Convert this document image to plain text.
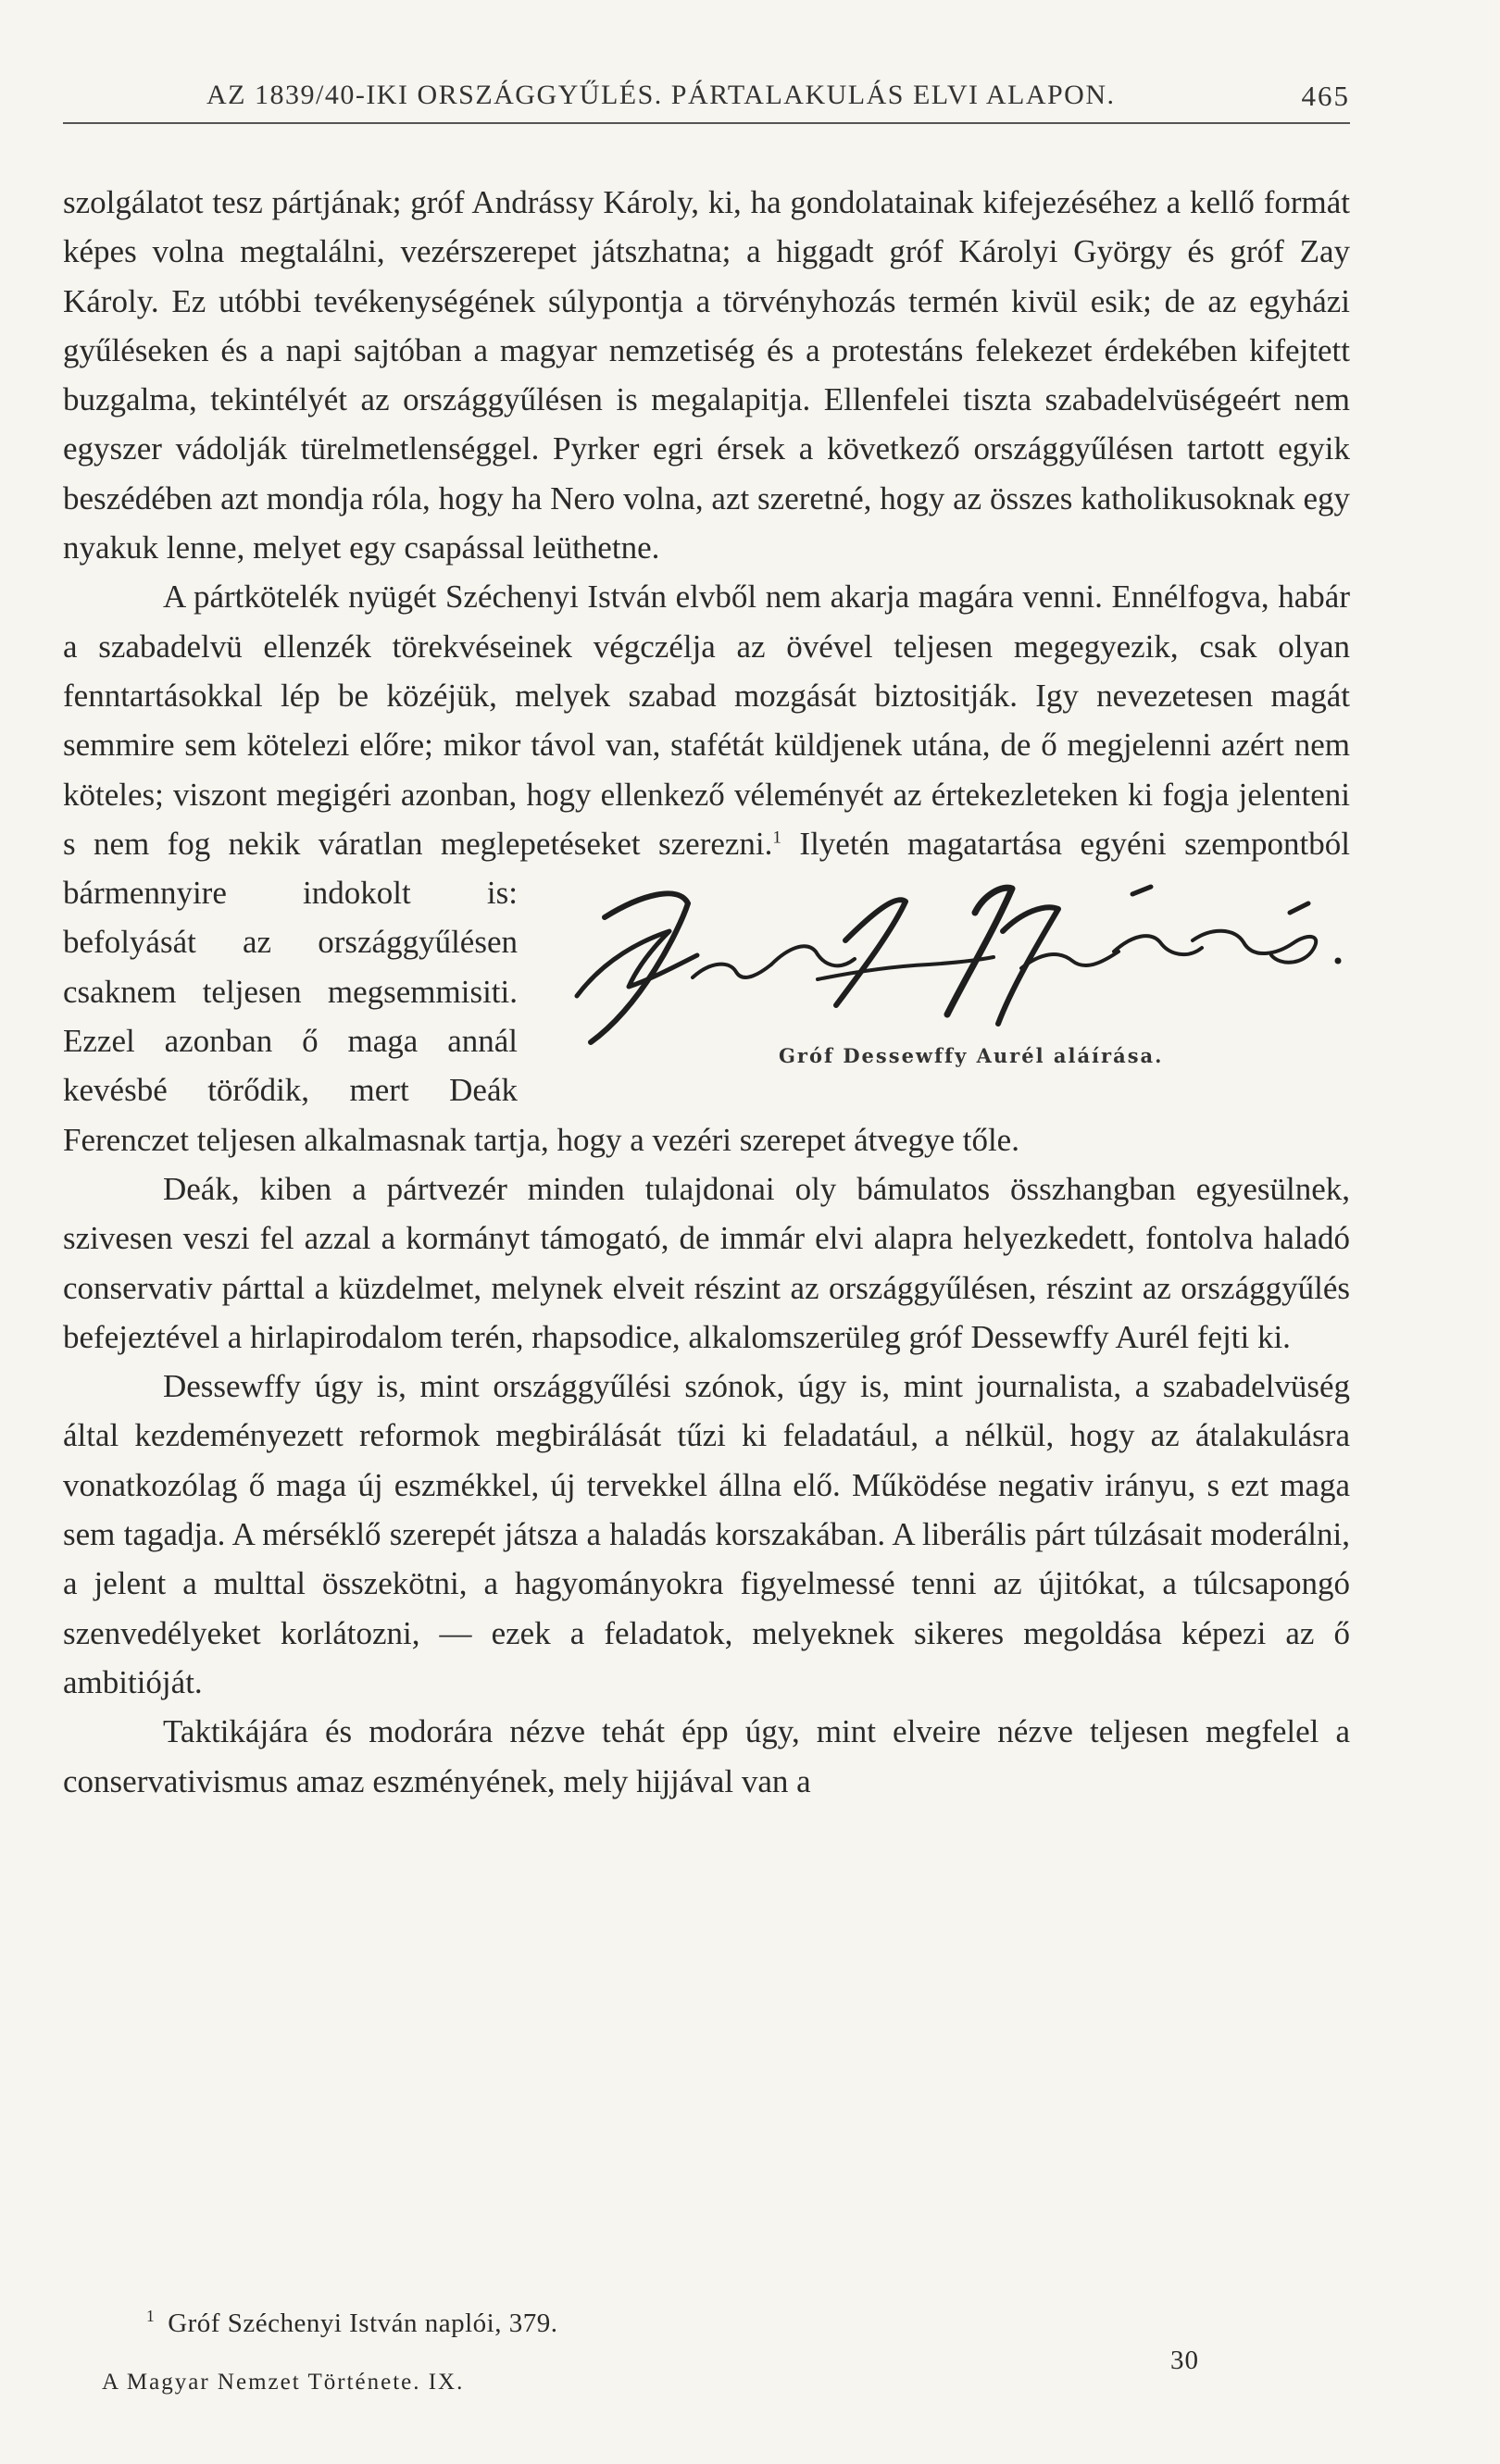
AZ 1839/40-IKI ORSZÁGGYŰLÉS. PÁRTALAKULÁS ELVI ALAPON.	465

szolgálatot tesz pártjának; gróf Andrássy Károly, ki, ha gondolatainak kifejezéséhez a kellő formát képes volna megtalálni, vezérszerepet játszhatna; a higgadt gróf Károlyi György és gróf Zay Károly. Ez utóbbi tevékenységének súlypontja a törvényhozás termén kivül esik; de az egyházi gyűléseken és a napi sajtóban a magyar nemzetiség és a protestáns felekezet érdekében kifejtett buzgalma, tekintélyét az országgyűlésen is megalapitja. Ellenfelei tiszta szabadelvüségeért nem egyszer vádolják türelmetlenséggel. Pyrker egri érsek a következő országgyűlésen tartott egyik beszédében azt mondja róla, hogy ha Nero volna, azt szeretné, hogy az összes katholikusoknak egy nyakuk lenne, melyet egy csapással leüthetne.

A pártkötelék nyügét Széchenyi István elvből nem akarja magára venni. Ennélfogva, habár a szabadelvü ellenzék törekvéseinek végczélja az övével teljesen megegyezik, csak olyan fenntartásokkal lép be közéjük, melyek szabad mozgását biztositják. Igy nevezetesen magát semmire sem kötelezi előre; mikor távol van, stafétát küldjenek utána, de ő megjelenni azért nem köteles; viszont megigéri azonban, hogy ellenkező véleményét az értekezleteken ki fogja jelenteni s nem fog nekik váratlan meglepetéseket szerezni.$^1$
Gróf Dessewffy Aurél aláírása.
Ilyetén magatartása egyéni szempontból bármennyire indokolt is: befolyását az országgyűlésen csaknem teljesen megsemmisiti. Ezzel azonban ő maga annál kevésbé törődik, mert Deák Ferenczet teljesen alkalmasnak tartja, hogy a vezéri szerepet átvegye tőle.

Deák, kiben a pártvezér minden tulajdonai oly bámulatos összhangban egyesülnek, szivesen veszi fel azzal a kormányt támogató, de immár elvi alapra helyezkedett, fontolva haladó conservativ párttal a küzdelmet, melynek elveit részint az országgyűlésen, részint az országgyűlés befejeztével a hirlapirodalom terén, rhapsodice, alkalomszerüleg gróf Dessewffy Aurél fejti ki.

Dessewffy úgy is, mint országgyűlési szónok, úgy is, mint journalista, a szabadelvüség által kezdeményezett reformok megbirálását tűzi ki feladatául, a nélkül, hogy az átalakulásra vonatkozólag ő maga új eszmékkel, új tervekkel állna elő. Működése negativ irányu, s ezt maga sem tagadja. A mérséklő szerepét játsza a haladás korszakában. A liberális párt túlzásait moderálni, a jelent a multtal összekötni, a hagyományokra figyelmessé tenni az újitókat, a túlcsapongó szenvedélyeket korlátozni, — ezek a feladatok, melyeknek sikeres megoldása képezi az ő ambitióját.

Taktikájára és modorára nézve tehát épp úgy, mint elveire nézve teljesen megfelel a conservativismus amaz eszményének, mely hijjával van a

$^1$ Gróf Széchenyi István naplói, 379.
30
A Magyar Nemzet Története. IX.
